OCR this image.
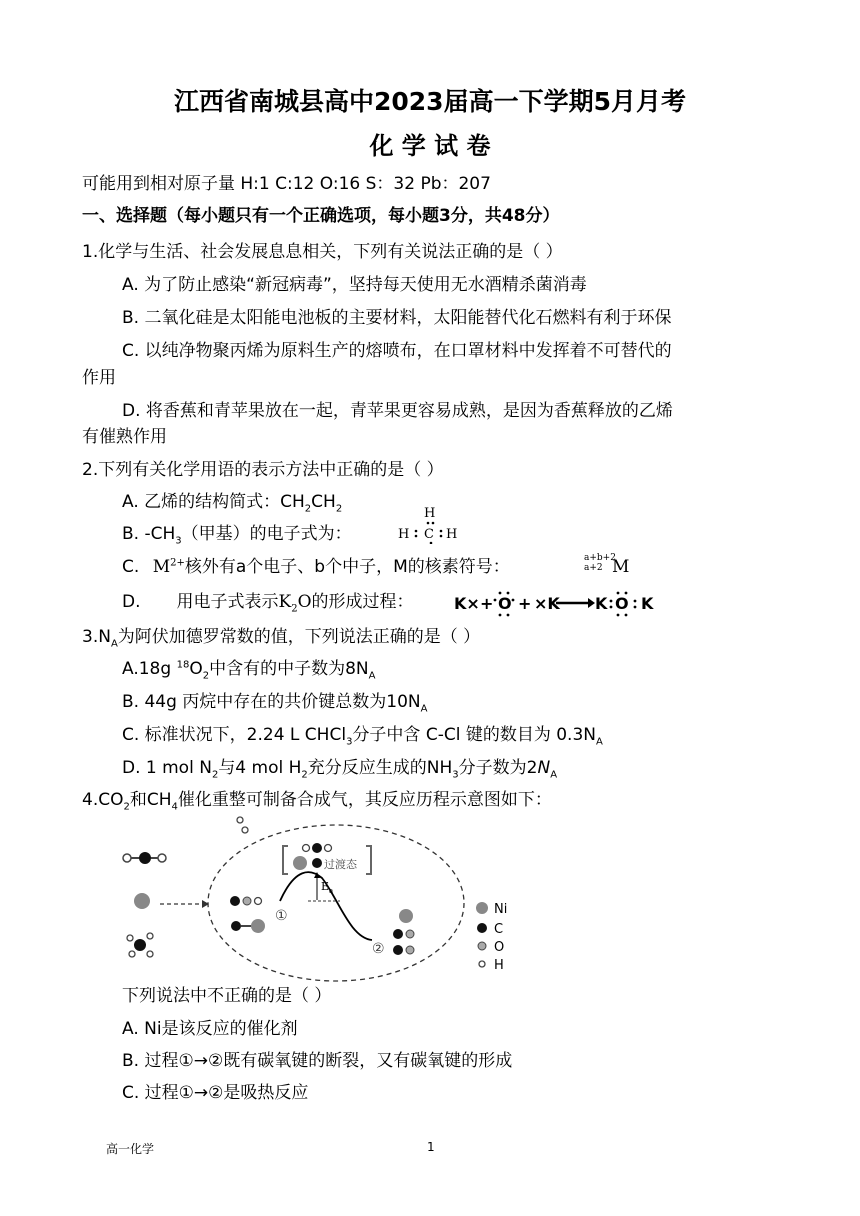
江西省南城县高中2023届高一下学期5月月考
化 学 试 卷
可能用到相对原子量 H:1 C:12 O:16 S：32 Pb：207
一、选择题（每小题只有一个正确选项，每小题3分，共48分）
1.化学与生活、社会发展息息相关，下列有关说法正确的是（ ）
A. 为了防止感染“新冠病毒”，坚持每天使用无水酒精杀菌消毒
B. 二氧化硅是太阳能电池板的主要材料，太阳能替代化石燃料有利于环保
C. 以纯净物聚丙烯为原料生产的熔喷布，在口罩材料中发挥着不可替代的
作用
D. 将香蕉和青苹果放在一起，青苹果更容易成熟，是因为香蕉释放的乙烯
有催熟作用
2.下列有关化学用语的表示方法中正确的是（ ）
A. 乙烯的结构简式：$CH_2CH_2$
B. $-CH_3$（甲基）的电子式为：
H
H C H
C. $M^{2+}$核外有a个电子、b个中子，M的核素符号：	a+b+2
a+2 M
D. 用电子式表示$K_2O$的形成过程：	K× + O + ×K K O K
$3.N_A$为阿伏加德罗常数的值，下列说法正确的是（ ）
A.18g $^{18}O_2$中含有的中子数为$8N_A$
B. 44g 丙烷中存在的共价键总数为$10N_A$
C. 标准状况下，2.24 L CHCl$_3$分子中含 C-Cl 键的数目为 $0.3N_A$
D. 1 mol $N_2$与4 mol $H_2$充分反应生成的$NH_3$分子数为$2N_A$
$4.CO_2$和$CH_4$催化重整可制备合成气，其反应历程示意图如下：
E a
过渡态
①
②
Ni
C
O
H
下列说法中不正确的是（ ）
A. Ni是该反应的催化剂
B. 过程①→②既有碳氧键的断裂，又有碳氧键的形成
C. 过程①→②是吸热反应
高一化学	1
